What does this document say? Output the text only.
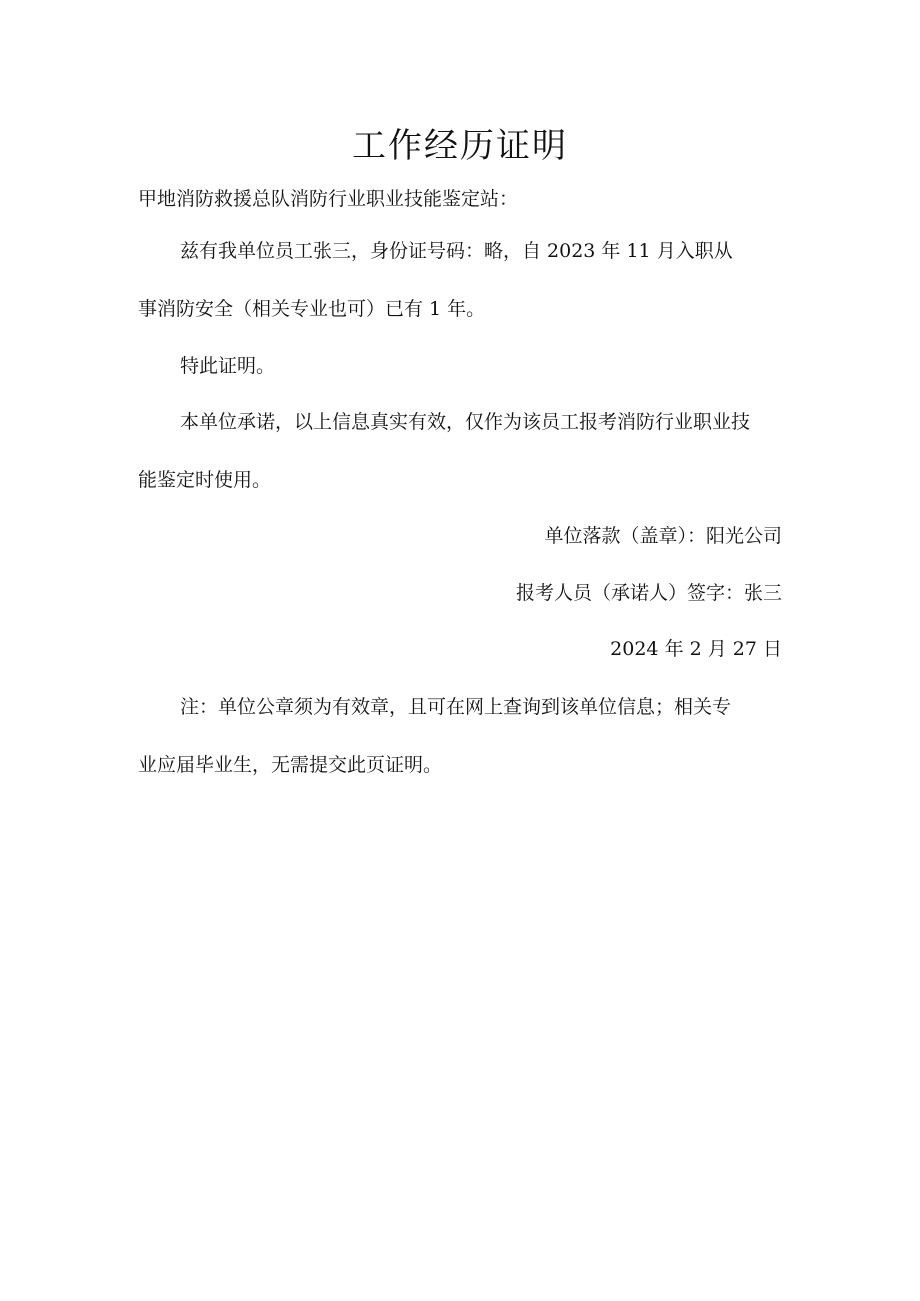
工作经历证明
甲地消防救援总队消防行业职业技能鉴定站：
兹有我单位员工张三，身份证号码：略，自 2023 年 11 月入职从
事消防安全（相关专业也可）已有 1 年。
特此证明。
本单位承诺，以上信息真实有效，仅作为该员工报考消防行业职业技
能鉴定时使用。
单位落款（盖章）：阳光公司
报考人员（承诺人）签字：张三
2024 年 2 月 27 日
注：单位公章须为有效章，且可在网上查询到该单位信息；相关专
业应届毕业生，无需提交此页证明。
